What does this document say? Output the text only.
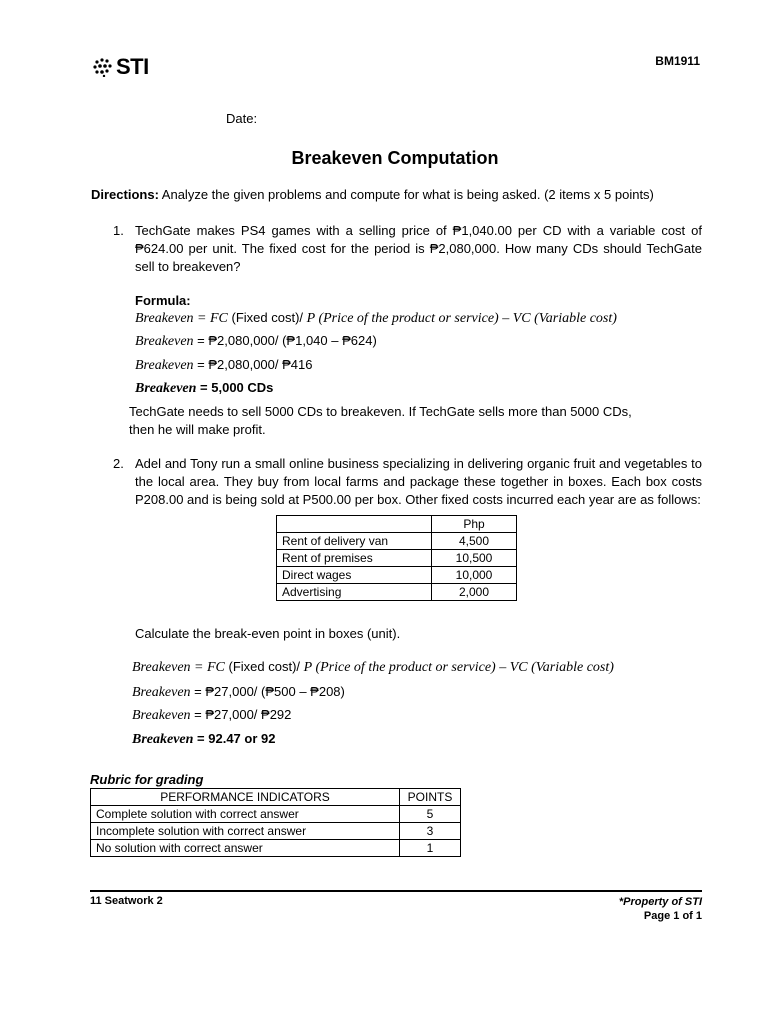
STI	BM1911
Date:
Breakeven Computation
Directions: Analyze the given problems and compute for what is being asked. (2 items x 5 points)
1. TechGate makes PS4 games with a selling price of ₱1,040.00 per CD with a variable cost of ₱624.00 per unit. The fixed cost for the period is ₱2,080,000. How many CDs should TechGate sell to breakeven?
Formula:
Breakeven = FC (Fixed cost)/ P (Price of the product or service) – VC (Variable cost)
Breakeven = ₱2,080,000/ (₱1,040 – ₱624)
Breakeven = ₱2,080,000/ ₱416
Breakeven = 5,000 CDs
TechGate needs to sell 5000 CDs to breakeven. If TechGate sells more than 5000 CDs,
then he will make profit.
2. Adel and Tony run a small online business specializing in delivering organic fruit and vegetables to the local area. They buy from local farms and package these together in boxes. Each box costs P208.00 and is being sold at P500.00 per box. Other fixed costs incurred each year are as follows:
	Php
Rent of delivery van	4,500
Rent of premises	10,500
Direct wages	10,000
Advertising	2,000
Calculate the break-even point in boxes (unit).
Breakeven = FC (Fixed cost)/ P (Price of the product or service) – VC (Variable cost)
Breakeven = ₱27,000/ (₱500 – ₱208)
Breakeven = ₱27,000/ ₱292
Breakeven = 92.47 or 92
Rubric for grading
PERFORMANCE INDICATORS	POINTS
Complete solution with correct answer	5
Incomplete solution with correct answer	3
No solution with correct answer	1
11 Seatwork 2	*Property of STI
Page 1 of 1
